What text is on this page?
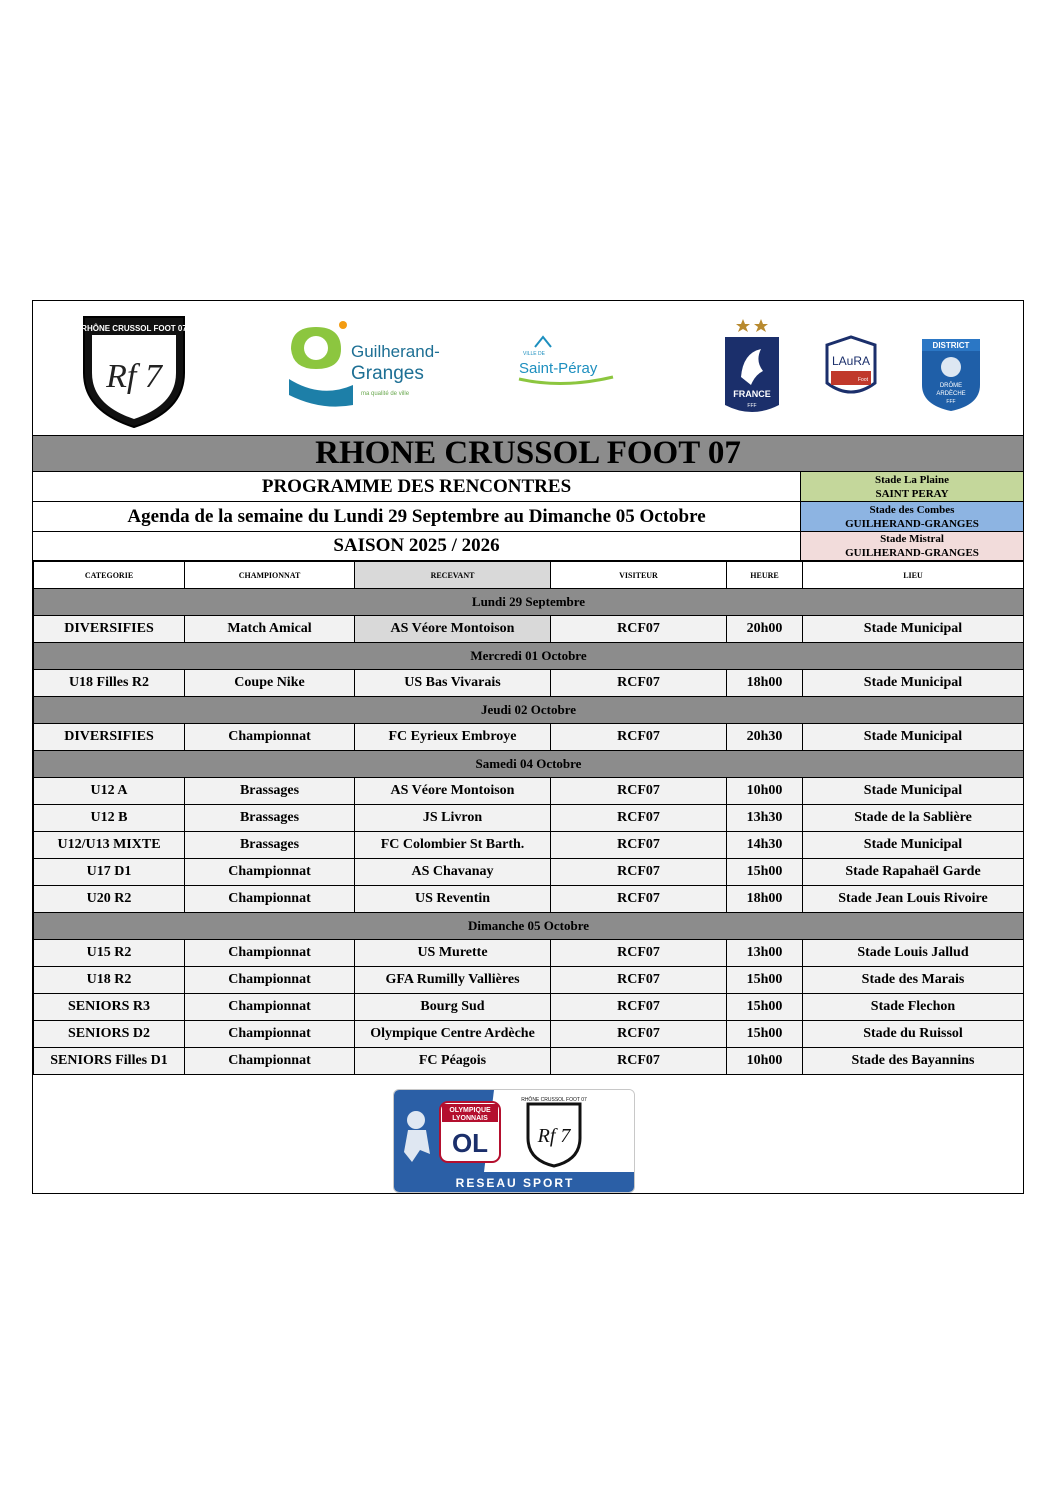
RHÔNE CRUSSOL FOOT 07
Rf 7
Guilherand-
Granges
ma qualité de ville
VILLE DE
Saint-Péray
FRANCE
FFF
LAuRA
Foot
DISTRICT
DRÔME
ARDÈCHE
FFF
RHONE CRUSSOL FOOT 07
PROGRAMME DES RENCONTRES
Agenda de la semaine du Lundi 29 Septembre au Dimanche 05 Octobre
SAISON 2025 / 2026
Stade La Plaine
SAINT PERAY
Stade des Combes
GUILHERAND-GRANGES
Stade Mistral
GUILHERAND-GRANGES
CATEGORIE	CHAMPIONNAT	RECEVANT	VISITEUR	HEURE	LIEU
Lundi 29 Septembre					
DIVERSIFIES	Match Amical	AS Véore Montoison	RCF07	20h00	Stade Municipal
Mercredi 01 Octobre					
U18 Filles R2	Coupe Nike	US Bas Vivarais	RCF07	18h00	Stade Municipal
Jeudi 02 Octobre					
DIVERSIFIES	Championnat	FC Eyrieux Embroye	RCF07	20h30	Stade Municipal
Samedi 04 Octobre					
U12 A	Brassages	AS Véore Montoison	RCF07	10h00	Stade Municipal
U12 B	Brassages	JS Livron	RCF07	13h30	Stade de la Sablière
U12/U13 MIXTE	Brassages	FC Colombier St Barth.	RCF07	14h30	Stade Municipal
U17 D1	Championnat	AS Chavanay	RCF07	15h00	Stade Rapahaël Garde
U20 R2	Championnat	US Reventin	RCF07	18h00	Stade Jean Louis Rivoire
Dimanche 05 Octobre					
U15 R2	Championnat	US Murette	RCF07	13h00	Stade Louis Jallud
U18 R2	Championnat	GFA Rumilly Vallières	RCF07	15h00	Stade des Marais
SENIORS R3	Championnat	Bourg Sud	RCF07	15h00	Stade Flechon
SENIORS D2	Championnat	Olympique Centre Ardèche	RCF07	15h00	Stade du Ruissol
SENIORS Filles D1	Championnat	FC Péagois	RCF07	10h00	Stade des Bayannins
OLYMPIQUE
LYONNAIS
OL
RHÔNE CRUSSOL FOOT 07
Rf 7
RESEAU SPORT
